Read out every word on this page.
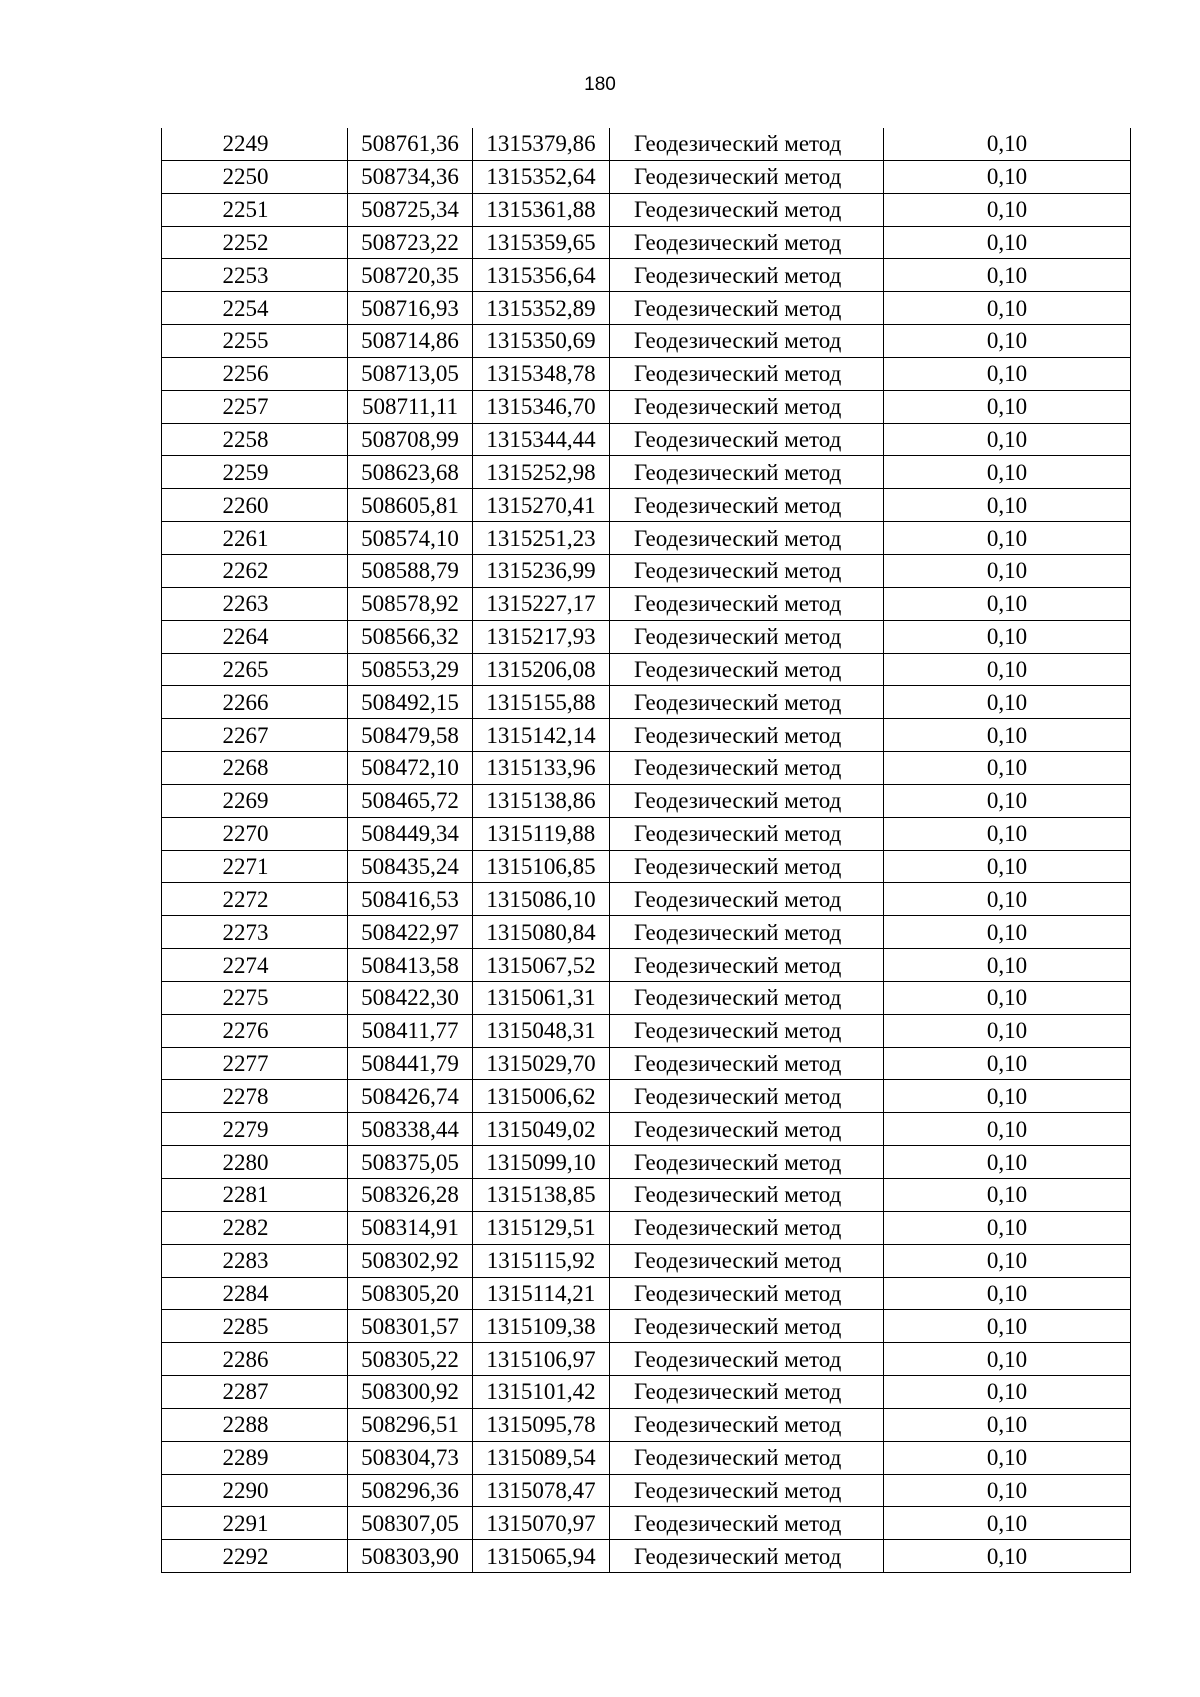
180
2249	508761,36	1315379,86	Геодезический метод	0,10
2250	508734,36	1315352,64	Геодезический метод	0,10
2251	508725,34	1315361,88	Геодезический метод	0,10
2252	508723,22	1315359,65	Геодезический метод	0,10
2253	508720,35	1315356,64	Геодезический метод	0,10
2254	508716,93	1315352,89	Геодезический метод	0,10
2255	508714,86	1315350,69	Геодезический метод	0,10
2256	508713,05	1315348,78	Геодезический метод	0,10
2257	508711,11	1315346,70	Геодезический метод	0,10
2258	508708,99	1315344,44	Геодезический метод	0,10
2259	508623,68	1315252,98	Геодезический метод	0,10
2260	508605,81	1315270,41	Геодезический метод	0,10
2261	508574,10	1315251,23	Геодезический метод	0,10
2262	508588,79	1315236,99	Геодезический метод	0,10
2263	508578,92	1315227,17	Геодезический метод	0,10
2264	508566,32	1315217,93	Геодезический метод	0,10
2265	508553,29	1315206,08	Геодезический метод	0,10
2266	508492,15	1315155,88	Геодезический метод	0,10
2267	508479,58	1315142,14	Геодезический метод	0,10
2268	508472,10	1315133,96	Геодезический метод	0,10
2269	508465,72	1315138,86	Геодезический метод	0,10
2270	508449,34	1315119,88	Геодезический метод	0,10
2271	508435,24	1315106,85	Геодезический метод	0,10
2272	508416,53	1315086,10	Геодезический метод	0,10
2273	508422,97	1315080,84	Геодезический метод	0,10
2274	508413,58	1315067,52	Геодезический метод	0,10
2275	508422,30	1315061,31	Геодезический метод	0,10
2276	508411,77	1315048,31	Геодезический метод	0,10
2277	508441,79	1315029,70	Геодезический метод	0,10
2278	508426,74	1315006,62	Геодезический метод	0,10
2279	508338,44	1315049,02	Геодезический метод	0,10
2280	508375,05	1315099,10	Геодезический метод	0,10
2281	508326,28	1315138,85	Геодезический метод	0,10
2282	508314,91	1315129,51	Геодезический метод	0,10
2283	508302,92	1315115,92	Геодезический метод	0,10
2284	508305,20	1315114,21	Геодезический метод	0,10
2285	508301,57	1315109,38	Геодезический метод	0,10
2286	508305,22	1315106,97	Геодезический метод	0,10
2287	508300,92	1315101,42	Геодезический метод	0,10
2288	508296,51	1315095,78	Геодезический метод	0,10
2289	508304,73	1315089,54	Геодезический метод	0,10
2290	508296,36	1315078,47	Геодезический метод	0,10
2291	508307,05	1315070,97	Геодезический метод	0,10
2292	508303,90	1315065,94	Геодезический метод	0,10
